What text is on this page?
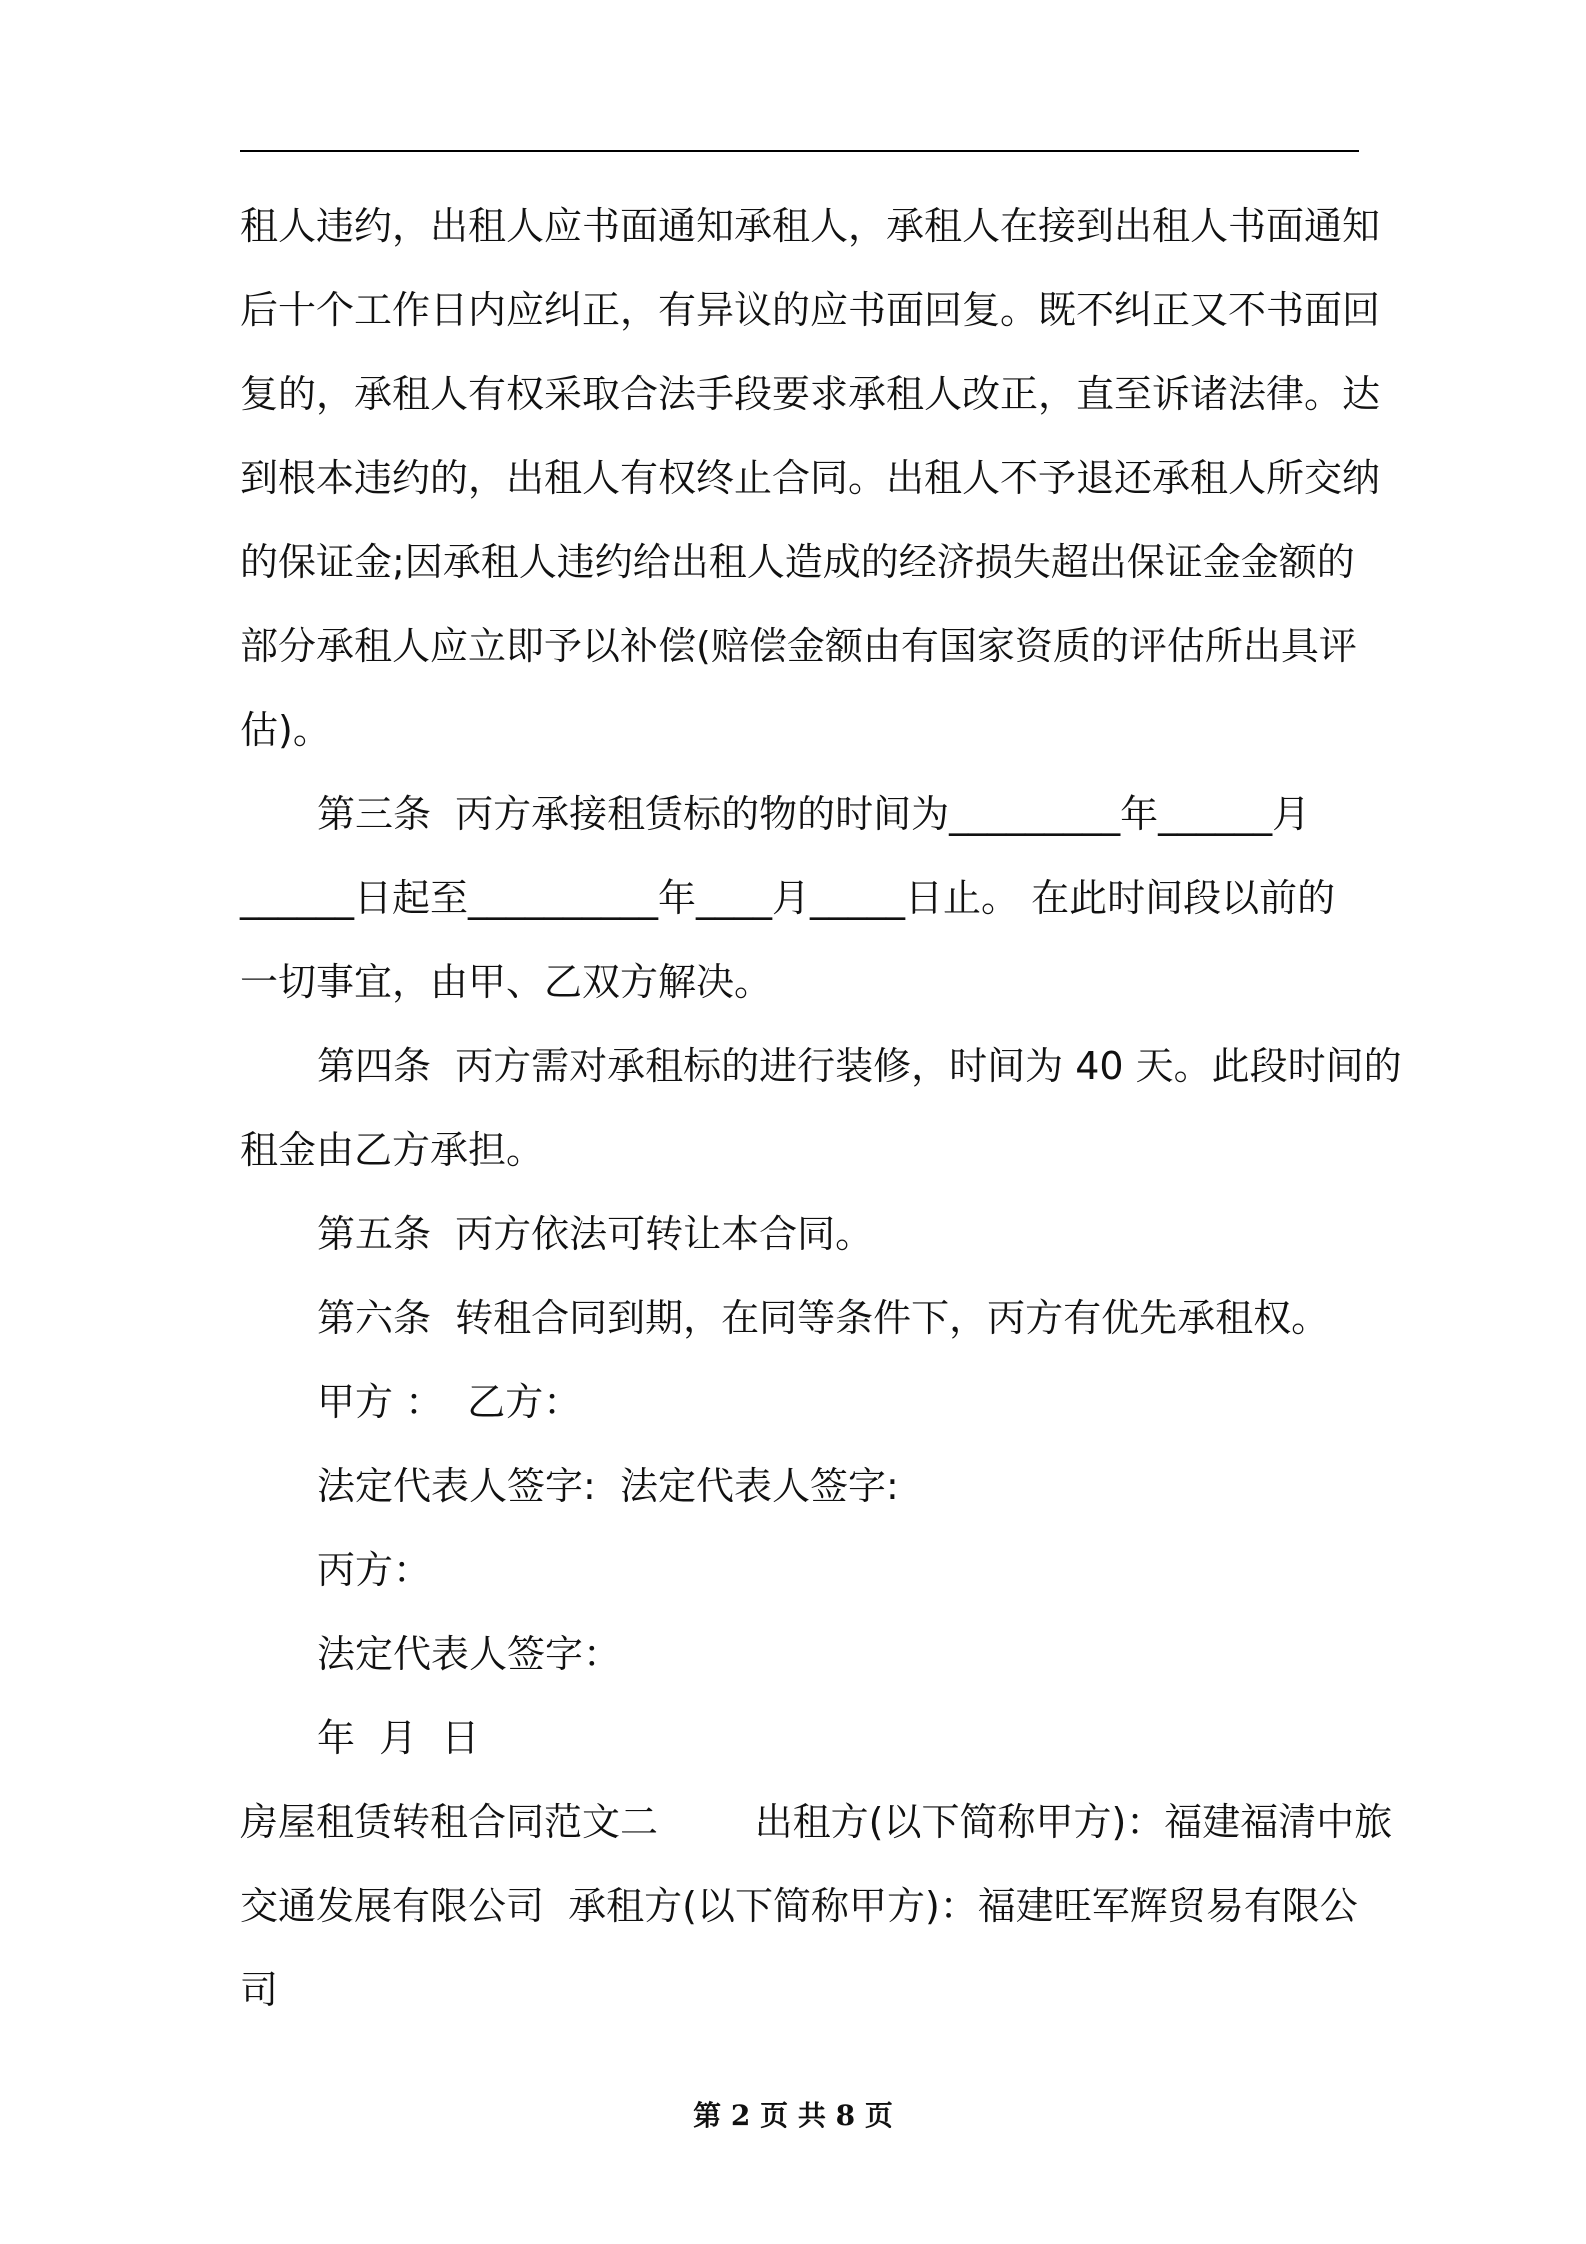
租人违约，出租人应书面通知承租人，承租人在接到出租人书面通知
后十个工作日内应纠正，有异议的应书面回复。既不纠正又不书面回
复的，承租人有权采取合法手段要求承租人改正，直至诉诸法律。达
到根本违约的，出租人有权终止合同。出租人不予退还承租人所交纳
的保证金;因承租人违约给出租人造成的经济损失超出保证金金额的
部分承租人应立即予以补偿(赔偿金额由有国家资质的评估所出具评
估)。
第三条  丙方承接租赁标的物的时间为_________年______月
______日起至__________年____月_____日止。 在此时间段以前的
一切事宜，由甲、乙双方解决。
第四条  丙方需对承租标的进行装修，时间为 40 天。此段时间的
租金由乙方承担。
第五条  丙方依法可转让本合同。
第六条  转租合同到期，在同等条件下，丙方有优先承租权。
甲方 ：  乙方：
法定代表人签字:  法定代表人签字:
丙方：
法定代表人签字：
年  月  日
房屋租赁转租合同范文二        出租方(以下简称甲方)：福建福清中旅
交通发展有限公司  承租方(以下简称甲方)：福建旺军辉贸易有限公
司
第 2 页 共 8 页
